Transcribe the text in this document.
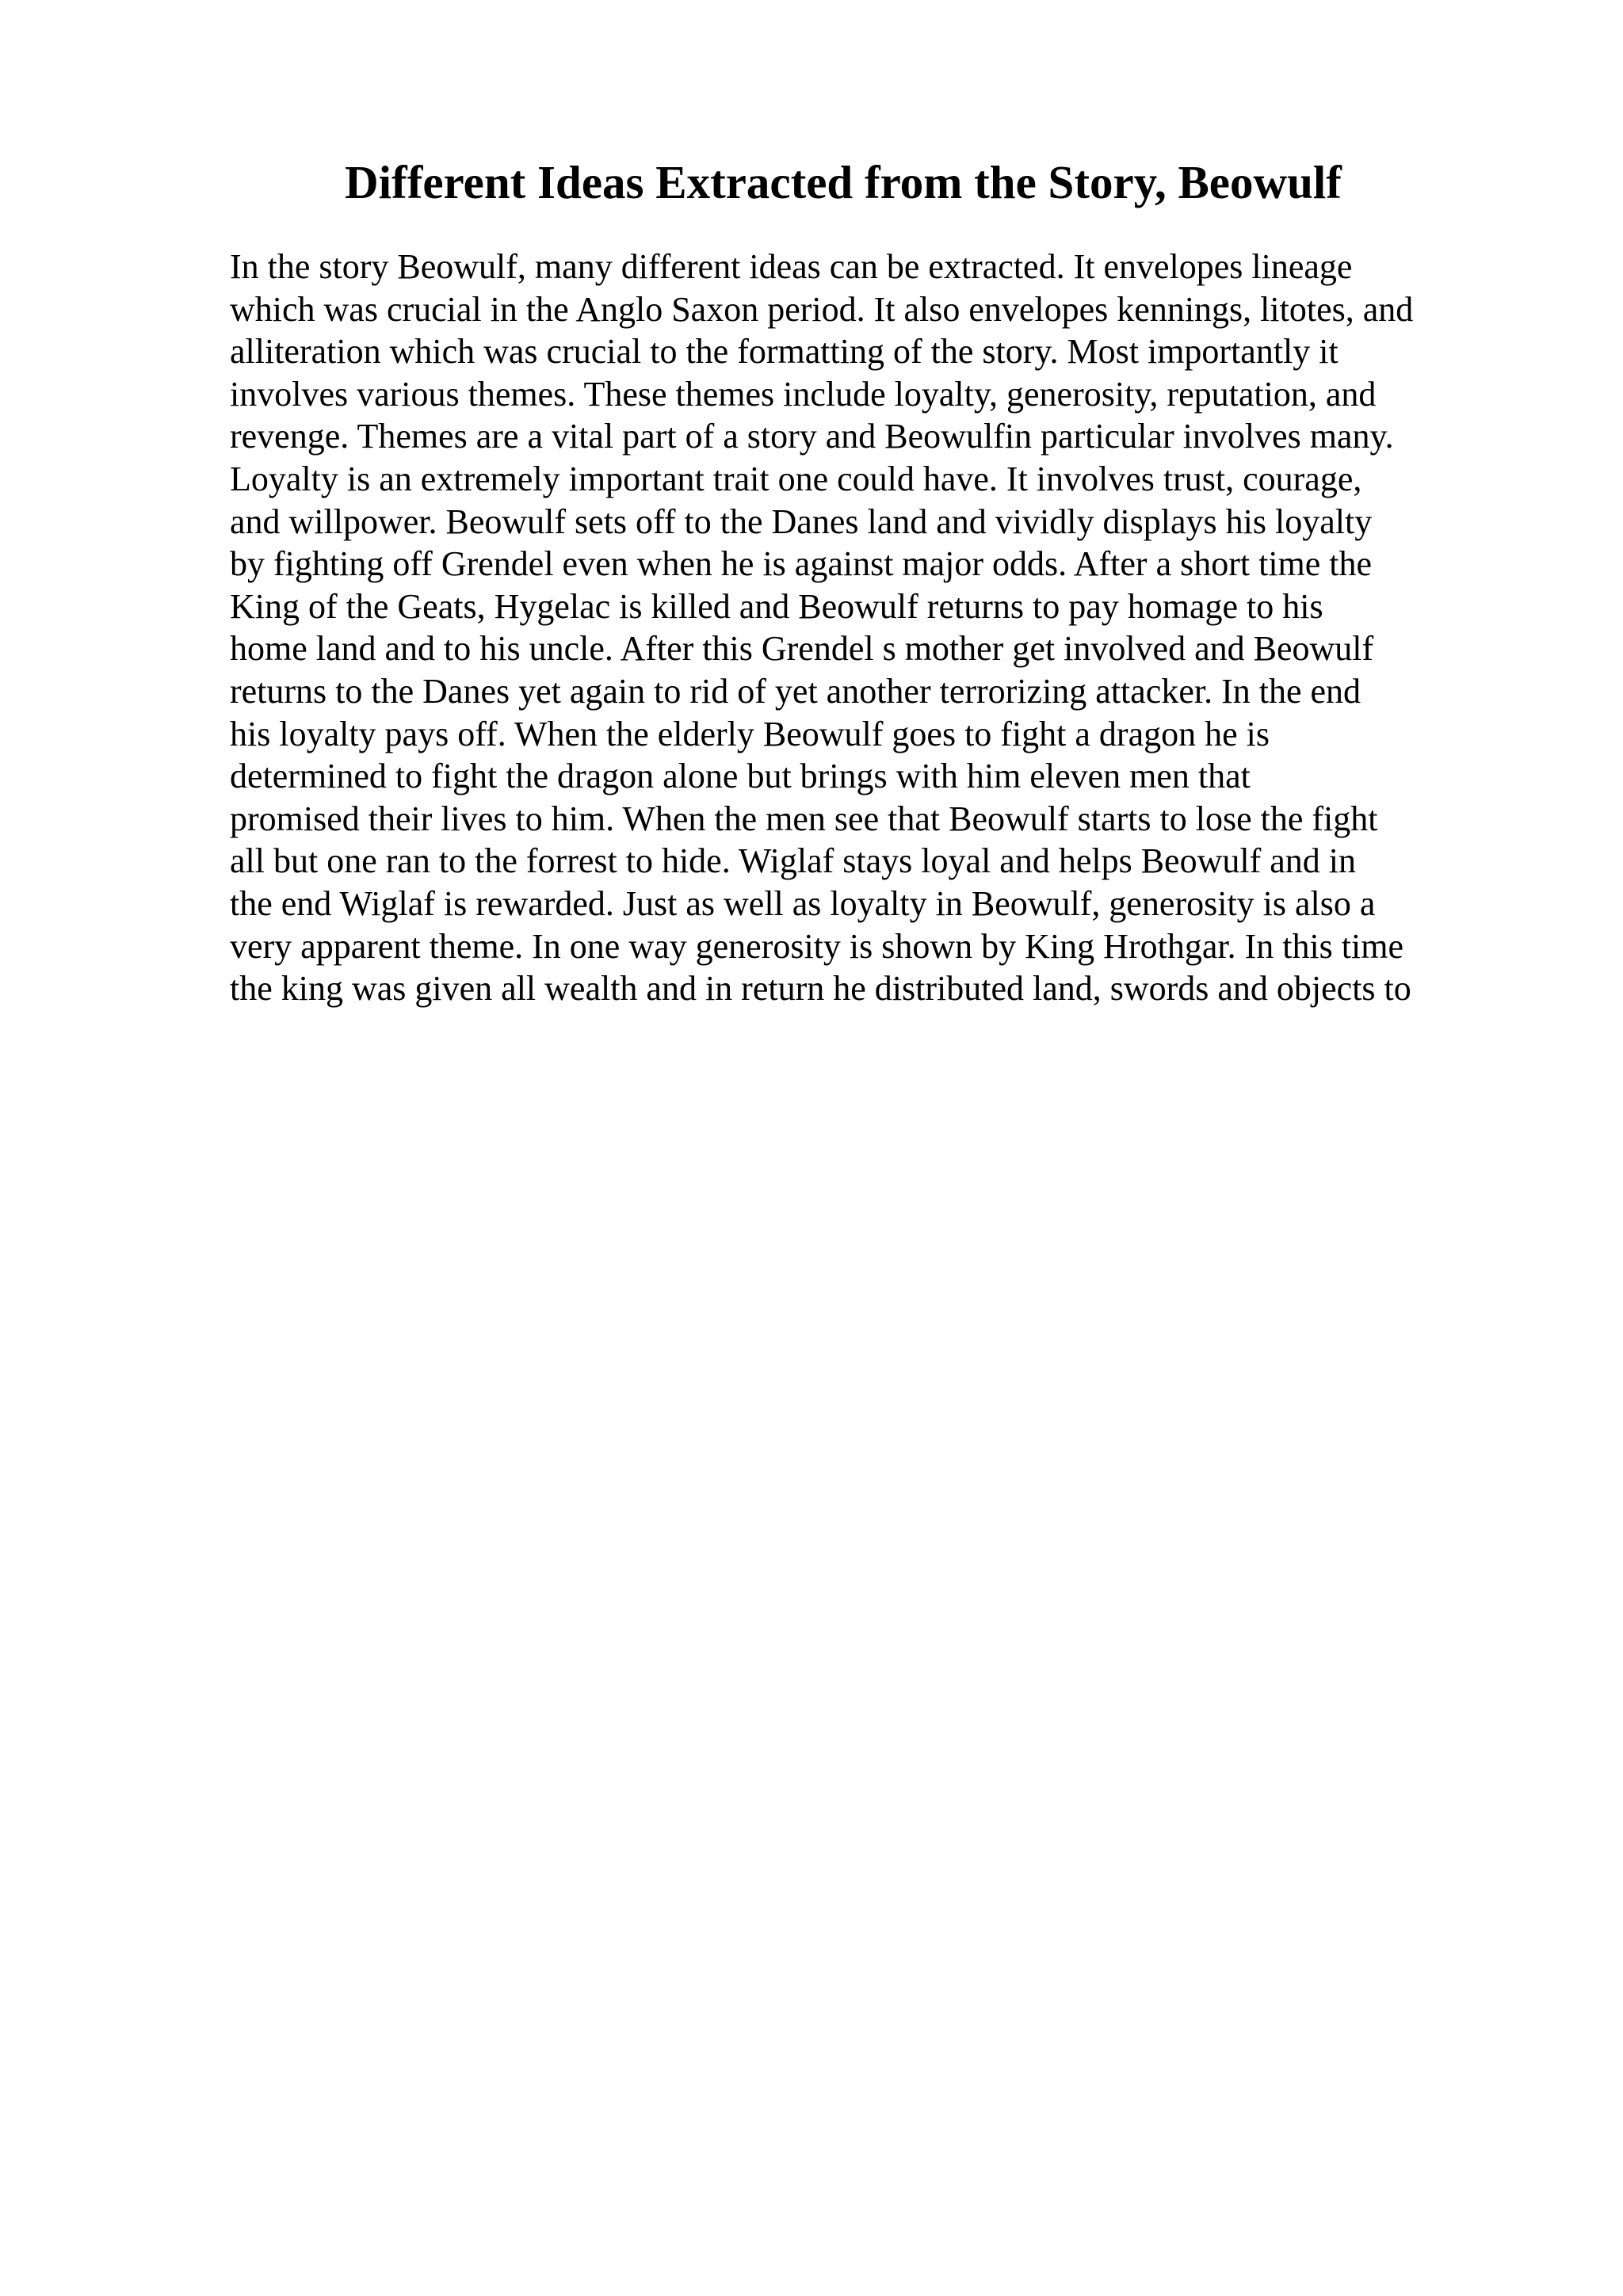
Different Ideas Extracted from the Story, Beowulf
In the story Beowulf, many different ideas can be extracted. It envelopes lineage
which was crucial in the Anglo Saxon period. It also envelopes kennings, litotes, and
alliteration which was crucial to the formatting of the story. Most importantly it
involves various themes. These themes include loyalty, generosity, reputation, and
revenge. Themes are a vital part of a story and Beowulfin particular involves many.
Loyalty is an extremely important trait one could have. It involves trust, courage,
and willpower. Beowulf sets off to the Danes land and vividly displays his loyalty
by fighting off Grendel even when he is against major odds. After a short time the
King of the Geats, Hygelac is killed and Beowulf returns to pay homage to his
home land and to his uncle. After this Grendel s mother get involved and Beowulf
returns to the Danes yet again to rid of yet another terrorizing attacker. In the end
his loyalty pays off. When the elderly Beowulf goes to fight a dragon he is
determined to fight the dragon alone but brings with him eleven men that
promised their lives to him. When the men see that Beowulf starts to lose the fight
all but one ran to the forrest to hide. Wiglaf stays loyal and helps Beowulf and in
the end Wiglaf is rewarded. Just as well as loyalty in Beowulf, generosity is also a
very apparent theme. In one way generosity is shown by King Hrothgar. In this time
the king was given all wealth and in return he distributed land, swords and objects to
